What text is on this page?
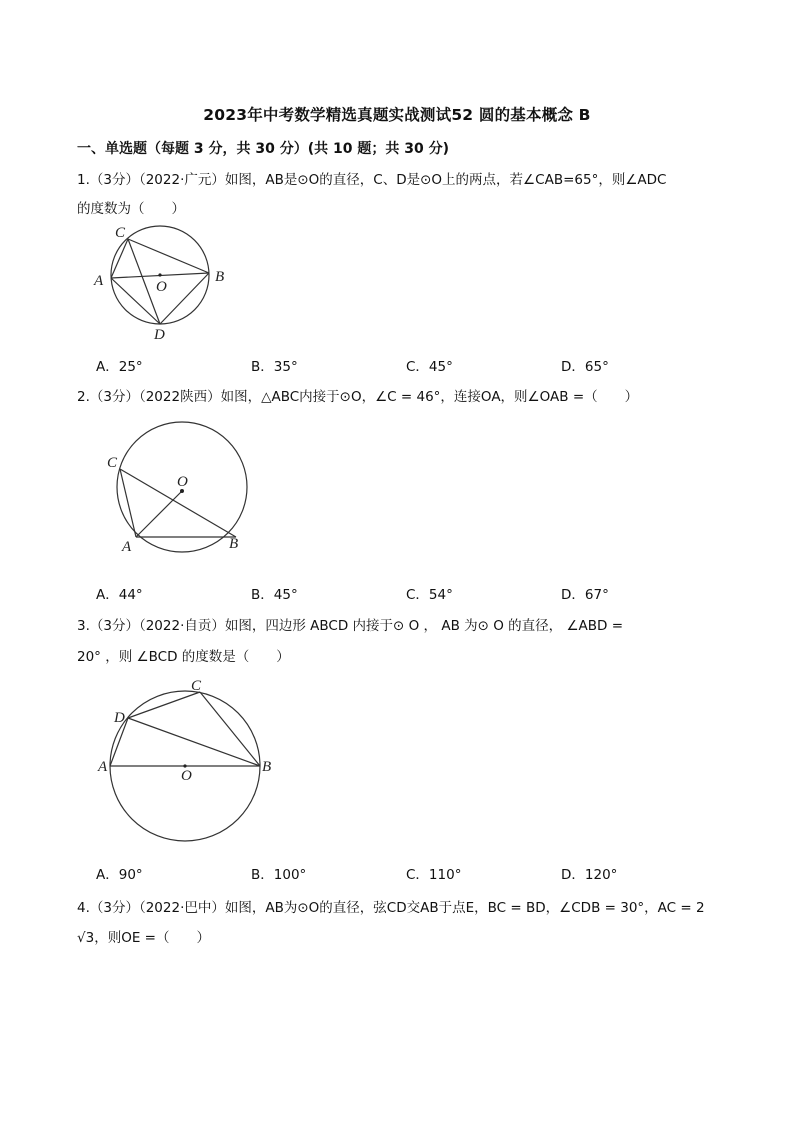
2023年中考数学精选真题实战测试52 圆的基本概念 B
一、单选题（每题 3 分，共 30 分）(共 10 题；共 30 分)
1.（3分）（2022·广元）如图，AB是⊙O的直径，C、D是⊙O上的两点，若∠CAB=65°，则∠ADC
的度数为（　　）
C
A	O
B
D
A．25°	B．35°	C．45°	D．65°
2.（3分）（2022陕西）如图，△ABC内接于⊙O，∠C = 46°，连接OA，则∠OAB =（　　）
C
O
A	B
A．44°	B．45°	C．54°	D．67°
3.（3分）（2022·自贡）如图，四边形 ABCD 内接于⊙ O ， AB 为⊙ O 的直径， ∠ABD =
20° ，则 ∠BCD 的度数是（　　）
C
D
A
O
B
A．90°	B．100°	C．110°	D．120°
4.（3分）（2022·巴中）如图，AB为⊙O的直径，弦CD交AB于点E，BC = BD，∠CDB = 30°，AC = 2
√3，则OE =（　　）
